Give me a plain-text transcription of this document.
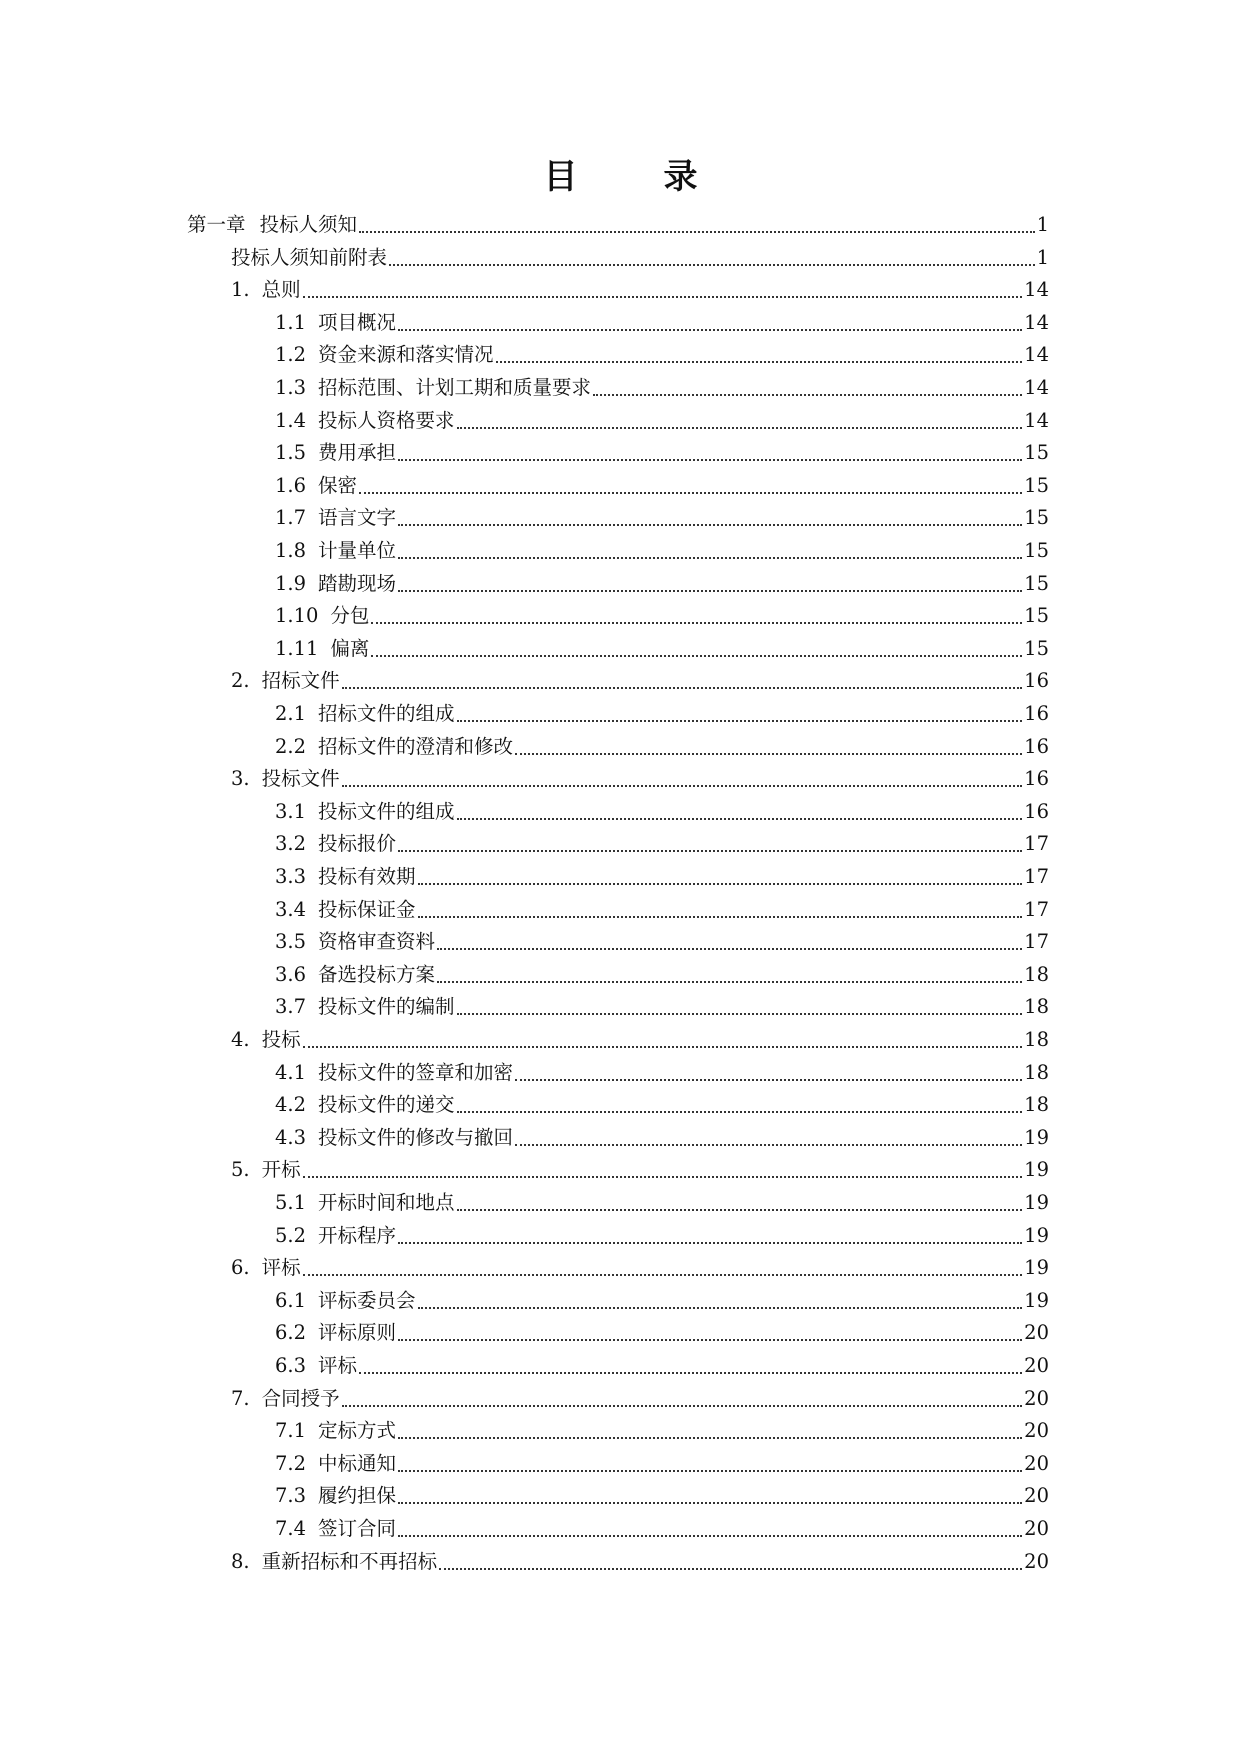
目	录
第一章 投标人须知	1
投标人须知前附表	1
1. 总则	14
1.1 项目概况	14
1.2 资金来源和落实情况	14
1.3 招标范围、计划工期和质量要求	14
1.4 投标人资格要求	14
1.5 费用承担	15
1.6 保密	15
1.7 语言文字	15
1.8 计量单位	15
1.9 踏勘现场	15
1.10 分包	15
1.11 偏离	15
2. 招标文件	16
2.1 招标文件的组成	16
2.2 招标文件的澄清和修改	16
3. 投标文件	16
3.1 投标文件的组成	16
3.2 投标报价	17
3.3 投标有效期	17
3.4 投标保证金	17
3.5 资格审查资料	17
3.6 备选投标方案	18
3.7 投标文件的编制	18
4. 投标	18
4.1 投标文件的签章和加密	18
4.2 投标文件的递交	18
4.3 投标文件的修改与撤回	19
5. 开标	19
5.1 开标时间和地点	19
5.2 开标程序	19
6. 评标	19
6.1 评标委员会	19
6.2 评标原则	20
6.3 评标	20
7. 合同授予	20
7.1 定标方式	20
7.2 中标通知	20
7.3 履约担保	20
7.4 签订合同	20
8. 重新招标和不再招标	20
